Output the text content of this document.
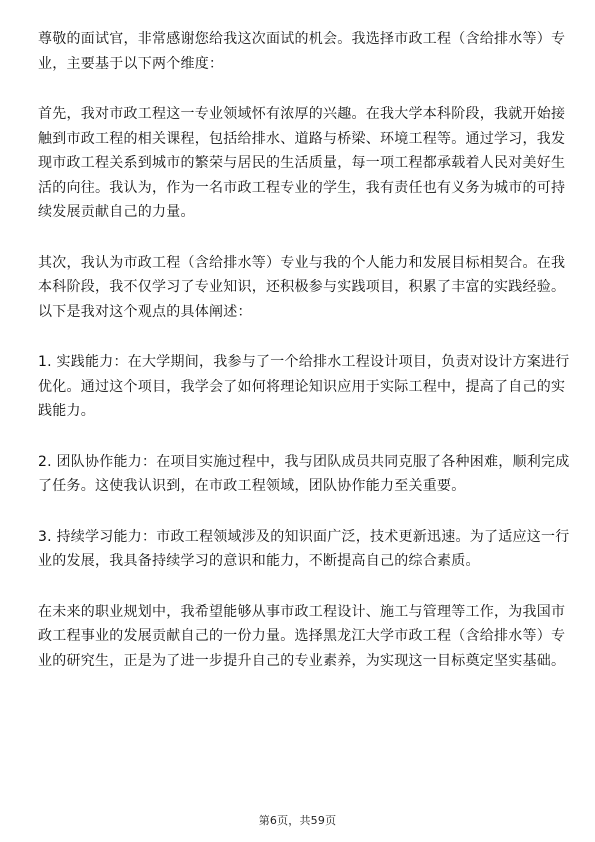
尊敬的面试官，非常感谢您给我这次面试的机会。我选择市政工程（含给排水等）专业，主要基于以下两个维度：

首先，我对市政工程这一专业领域怀有浓厚的兴趣。在我大学本科阶段，我就开始接触到市政工程的相关课程，包括给排水、道路与桥梁、环境工程等。通过学习，我发现市政工程关系到城市的繁荣与居民的生活质量，每一项工程都承载着人民对美好生活的向往。我认为，作为一名市政工程专业的学生，我有责任也有义务为城市的可持续发展贡献自己的力量。

其次，我认为市政工程（含给排水等）专业与我的个人能力和发展目标相契合。在我本科阶段，我不仅学习了专业知识，还积极参与实践项目，积累了丰富的实践经验。以下是我对这个观点的具体阐述：

1. 实践能力：在大学期间，我参与了一个给排水工程设计项目，负责对设计方案进行优化。通过这个项目，我学会了如何将理论知识应用于实际工程中，提高了自己的实践能力。

2. 团队协作能力：在项目实施过程中，我与团队成员共同克服了各种困难，顺利完成了任务。这使我认识到，在市政工程领域，团队协作能力至关重要。

3. 持续学习能力：市政工程领域涉及的知识面广泛，技术更新迅速。为了适应这一行业的发展，我具备持续学习的意识和能力，不断提高自己的综合素质。

在未来的职业规划中，我希望能够从事市政工程设计、施工与管理等工作，为我国市政工程事业的发展贡献自己的一份力量。选择黑龙江大学市政工程（含给排水等）专业的研究生，正是为了进一步提升自己的专业素养，为实现这一目标奠定坚实基础。

第6页，共59页
